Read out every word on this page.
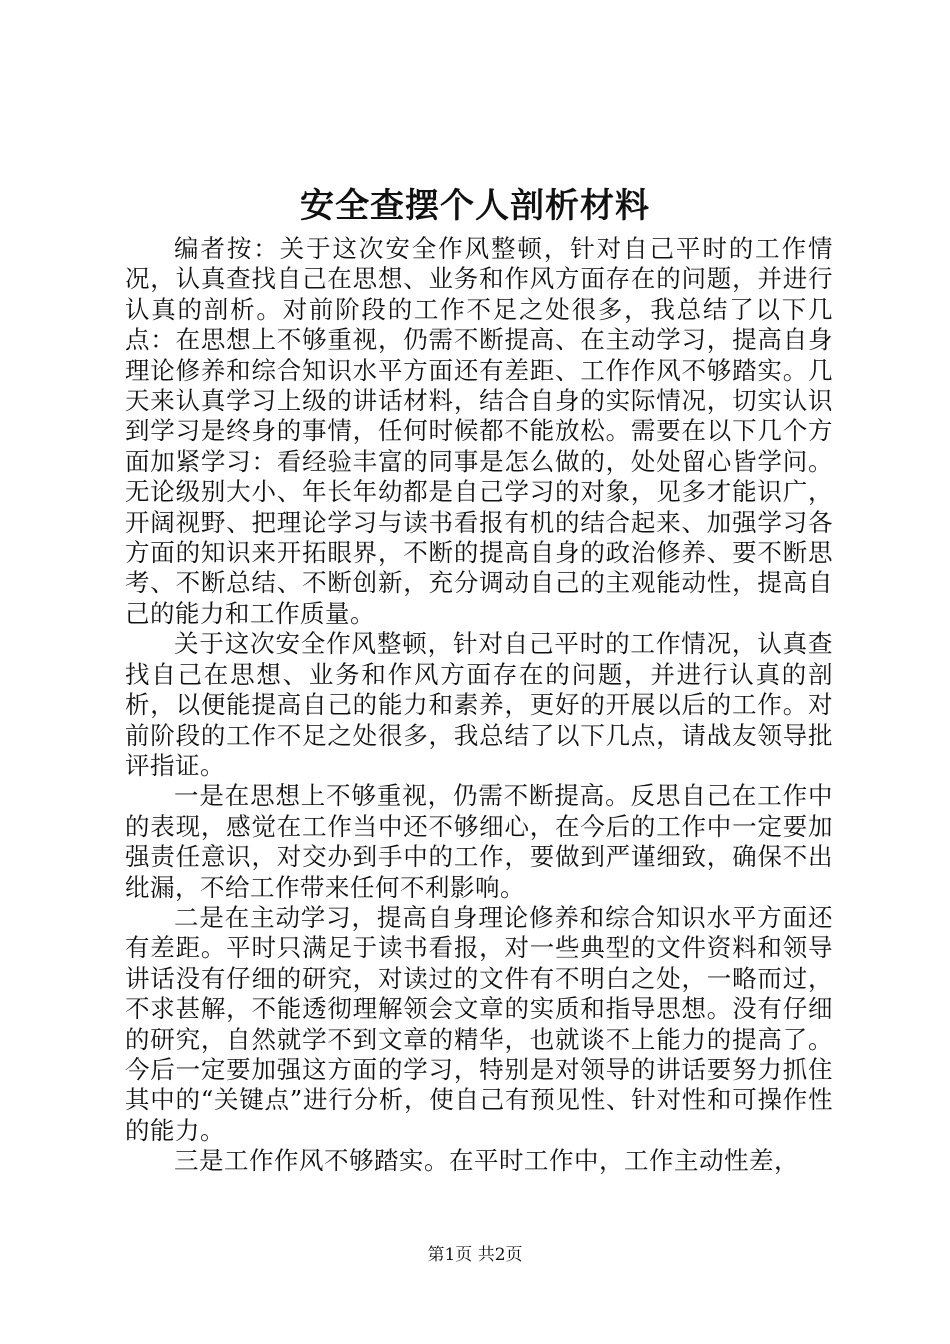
安全查摆个人剖析材料

编者按：关于这次安全作风整顿，针对自己平时的工作情况，认真查找自己在思想、业务和作风方面存在的问题，并进行认真的剖析。对前阶段的工作不足之处很多，我总结了以下几点：在思想上不够重视，仍需不断提高、在主动学习，提高自身理论修养和综合知识水平方面还有差距、工作作风不够踏实。几天来认真学习上级的讲话材料，结合自身的实际情况，切实认识到学习是终身的事情，任何时候都不能放松。需要在以下几个方面加紧学习：看经验丰富的同事是怎么做的，处处留心皆学问。无论级别大小、年长年幼都是自己学习的对象，见多才能识广，开阔视野、把理论学习与读书看报有机的结合起来、加强学习各方面的知识来开拓眼界，不断的提高自身的政治修养、要不断思考、不断总结、不断创新，充分调动自己的主观能动性，提高自己的能力和工作质量。

关于这次安全作风整顿，针对自己平时的工作情况，认真查找自己在思想、业务和作风方面存在的问题，并进行认真的剖析，以便能提高自己的能力和素养，更好的开展以后的工作。对前阶段的工作不足之处很多，我总结了以下几点，请战友领导批评指证。

一是在思想上不够重视，仍需不断提高。反思自己在工作中的表现，感觉在工作当中还不够细心，在今后的工作中一定要加强责任意识，对交办到手中的工作，要做到严谨细致，确保不出纰漏，不给工作带来任何不利影响。

二是在主动学习，提高自身理论修养和综合知识水平方面还有差距。平时只满足于读书看报，对一些典型的文件资料和领导讲话没有仔细的研究，对读过的文件有不明白之处，一略而过，不求甚解，不能透彻理解领会文章的实质和指导思想。没有仔细的研究，自然就学不到文章的精华，也就谈不上能力的提高了。今后一定要加强这方面的学习，特别是对领导的讲话要努力抓住其中的“关键点”进行分析，使自己有预见性、针对性和可操作性的能力。

三是工作作风不够踏实。在平时工作中，工作主动性差，

第1页 共2页
